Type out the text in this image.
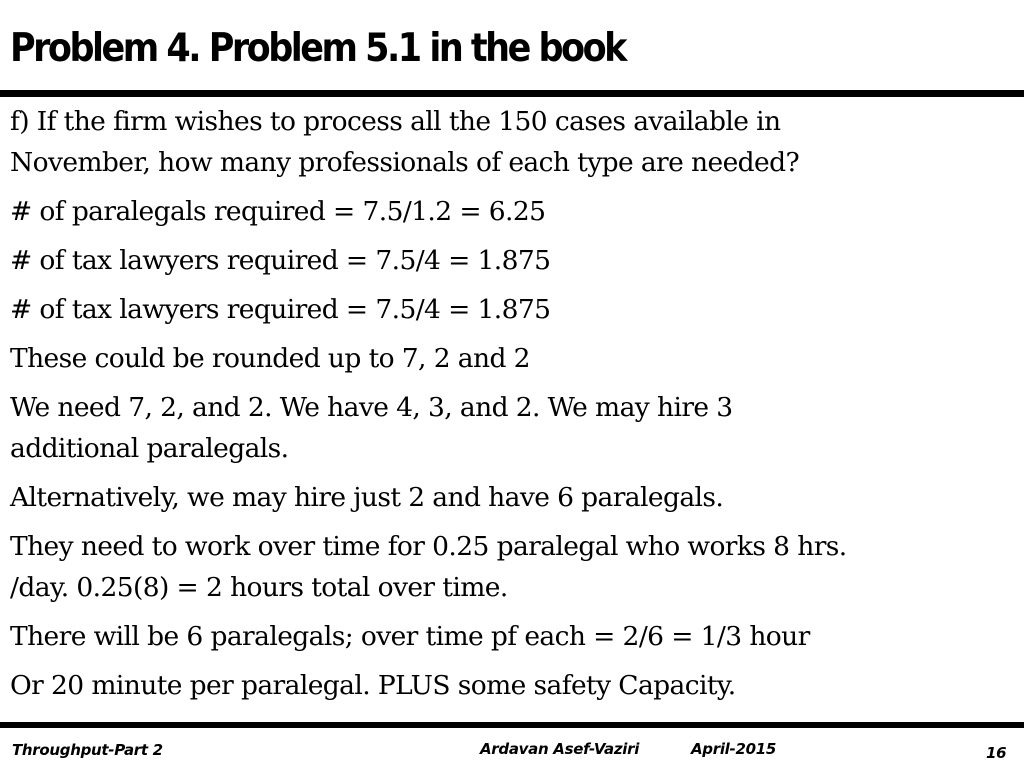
Problem 4. Problem 5.1 in the book

f) If the firm wishes to process all the 150 cases available in
November, how many professionals of each type are needed?

# of paralegals required = 7.5/1.2 = 6.25

# of tax lawyers required = 7.5/4 = 1.875

# of tax lawyers required = 7.5/4 = 1.875

These could be rounded up to 7, 2 and 2

We need 7, 2, and 2. We have 4, 3, and 2. We may hire 3
additional paralegals.

Alternatively, we may hire just 2 and have 6 paralegals.

They need to work over time for 0.25 paralegal who works 8 hrs.
/day. 0.25(8) = 2 hours total over time.

There will be 6 paralegals; over time pf each = 2/6 = 1/3 hour

Or 20 minute per paralegal. PLUS some safety Capacity.

Throughput-Part 2	Ardavan Asef-Vaziri	April-2015	16
